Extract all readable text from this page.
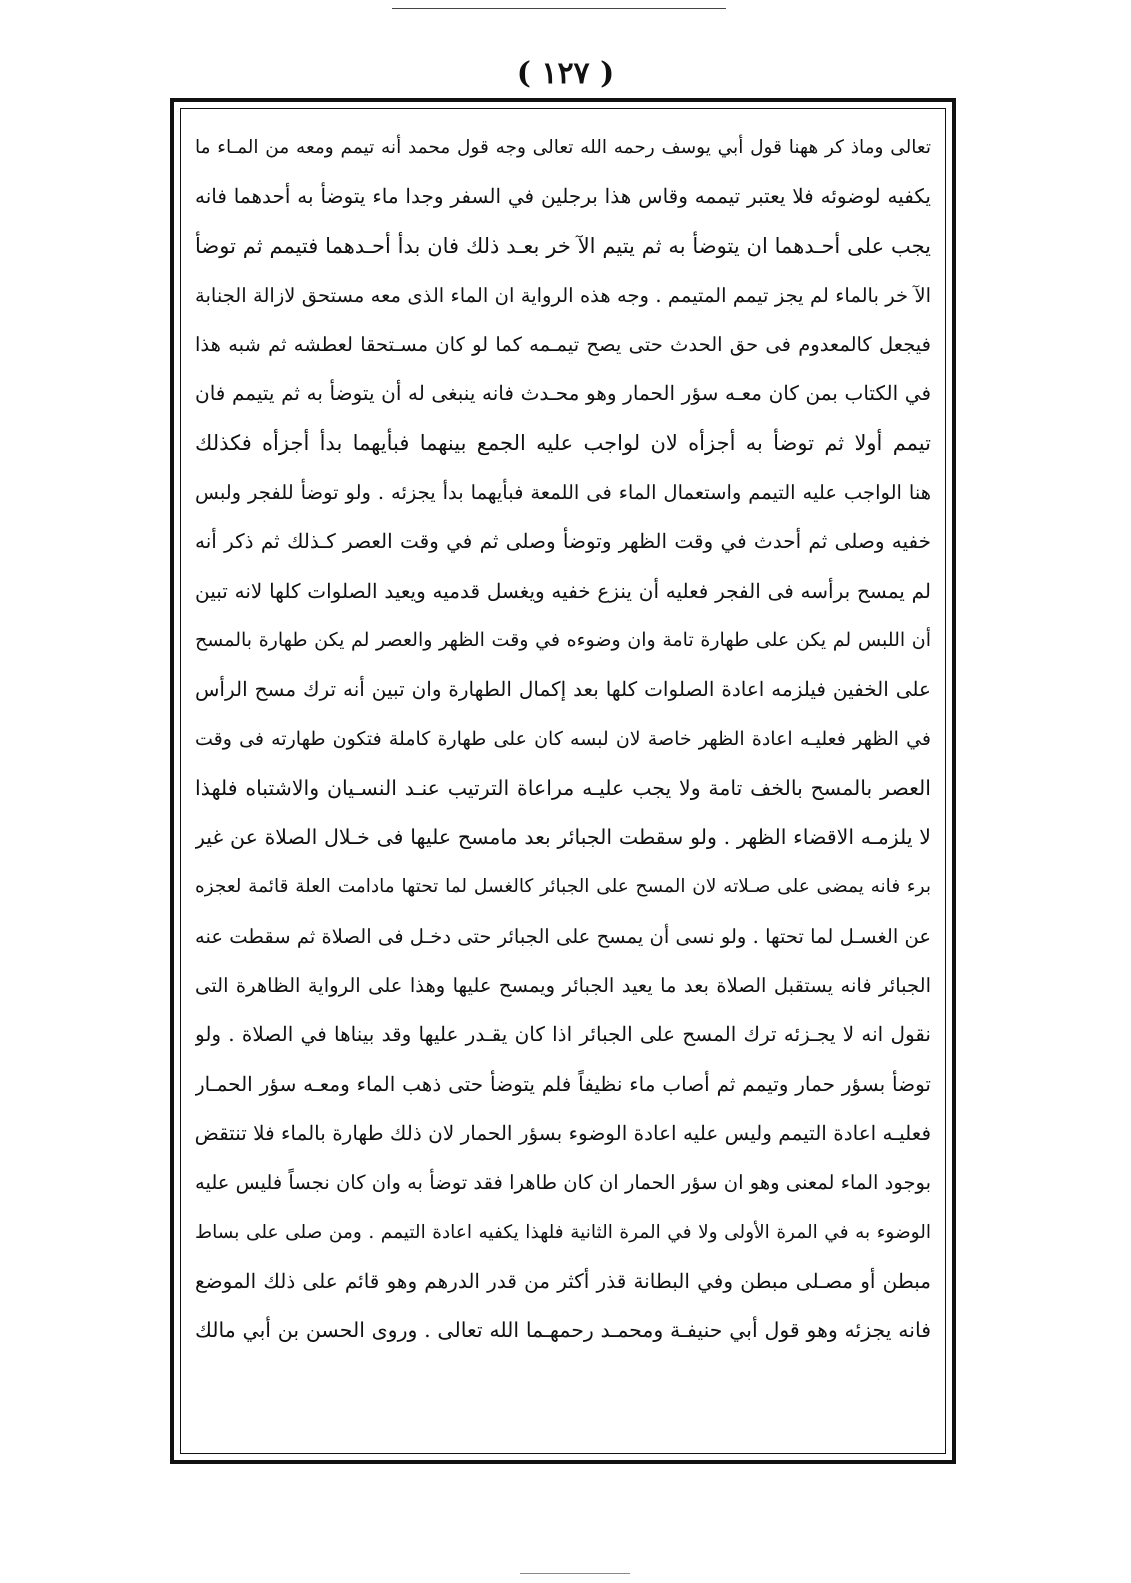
( ١٢٧ )
تعالى وماذ كر ههنا قول أبي يوسف رحمه الله تعالى وجه قول محمد أنه تيمم ومعه من المـاء ما
يكفيه لوضوئه فلا يعتبر تيممه وقاس هذا برجلين في السفر وجدا ماء يتوضأ به أحدهما فانه
يجب على أحـدهما ان يتوضأ به ثم يتيم الآ خر بعـد ذلك فان بدأ أحـدهما فتيمم ثم توضأ
الآ خر بالماء لم يجز تيمم المتيمم . وجه هذه الرواية ان الماء الذى معه مستحق لازالة الجنابة
فيجعل كالمعدوم فى حق الحدث حتى يصح تيمـمه كما لو كان مسـتحقا لعطشه ثم شبه هذا
في الكتاب بمن كان معـه سؤر الحمار وهو محـدث فانه ينبغى له أن يتوضأ به ثم يتيمم فان
تيمم أولا ثم توضأ به أجزأه لان لواجب عليه الجمع بينهما فبأيهما بدأ أجزأه فكذلك
هنا الواجب عليه التيمم واستعمال الماء فى اللمعة فبأيهما بدأ يجزئه . ولو توضأ للفجر ولبس
خفيه وصلى ثم أحدث في وقت الظهر وتوضأ وصلى ثم في وقت العصر كـذلك ثم ذكر أنه
لم يمسح برأسه فى الفجر فعليه أن ينزع خفيه ويغسل قدميه ويعيد الصلوات كلها لانه تبين
أن اللبس لم يكن على طهارة تامة وان وضوءه في وقت الظهر والعصر لم يكن طهارة بالمسح
على الخفين فيلزمه اعادة الصلوات كلها بعد إكمال الطهارة وان تبين أنه ترك مسح الرأس
في الظهر فعليـه اعادة الظهر خاصة لان لبسه كان على طهارة كاملة فتكون طهارته فى وقت
العصر بالمسح بالخف تامة ولا يجب عليـه مراعاة الترتيب عنـد النسـيان والاشتباه فلهذا
لا يلزمـه الاقضاء الظهر . ولو سقطت الجبائر بعد مامسح عليها فى خـلال الصلاة عن غير
برء فانه يمضى على صـلاته لان المسح على الجبائر كالغسل لما تحتها مادامت العلة قائمة لعجزه
عن الغسـل لما تحتها . ولو نسى أن يمسح على الجبائر حتى دخـل فى الصلاة ثم سقطت عنه
الجبائر فانه يستقبل الصلاة بعد ما يعيد الجبائر ويمسح عليها وهذا على الرواية الظاهرة التى
نقول انه لا يجـزئه ترك المسح على الجبائر اذا كان يقـدر عليها وقد بيناها في الصلاة . ولو
توضأ بسؤر حمار وتيمم ثم أصاب ماء نظيفاً فلم يتوضأ حتى ذهب الماء ومعـه سؤر الحمـار
فعليـه اعادة التيمم وليس عليه اعادة الوضوء بسؤر الحمار لان ذلك طهارة بالماء فلا تنتقض
بوجود الماء لمعنى وهو ان سؤر الحمار ان كان طاهرا فقد توضأ به وان كان نجساً فليس عليه
الوضوء به في المرة الأولى ولا في المرة الثانية فلهذا يكفيه اعادة التيمم . ومن صلى على بساط
مبطن أو مصـلى مبطن وفي البطانة قذر أكثر من قدر الدرهم وهو قائم على ذلك الموضع
فانه يجزئه وهو قول أبي حنيفـة ومحمـد رحمهـما الله تعالى . وروى الحسن بن أبي مالك
